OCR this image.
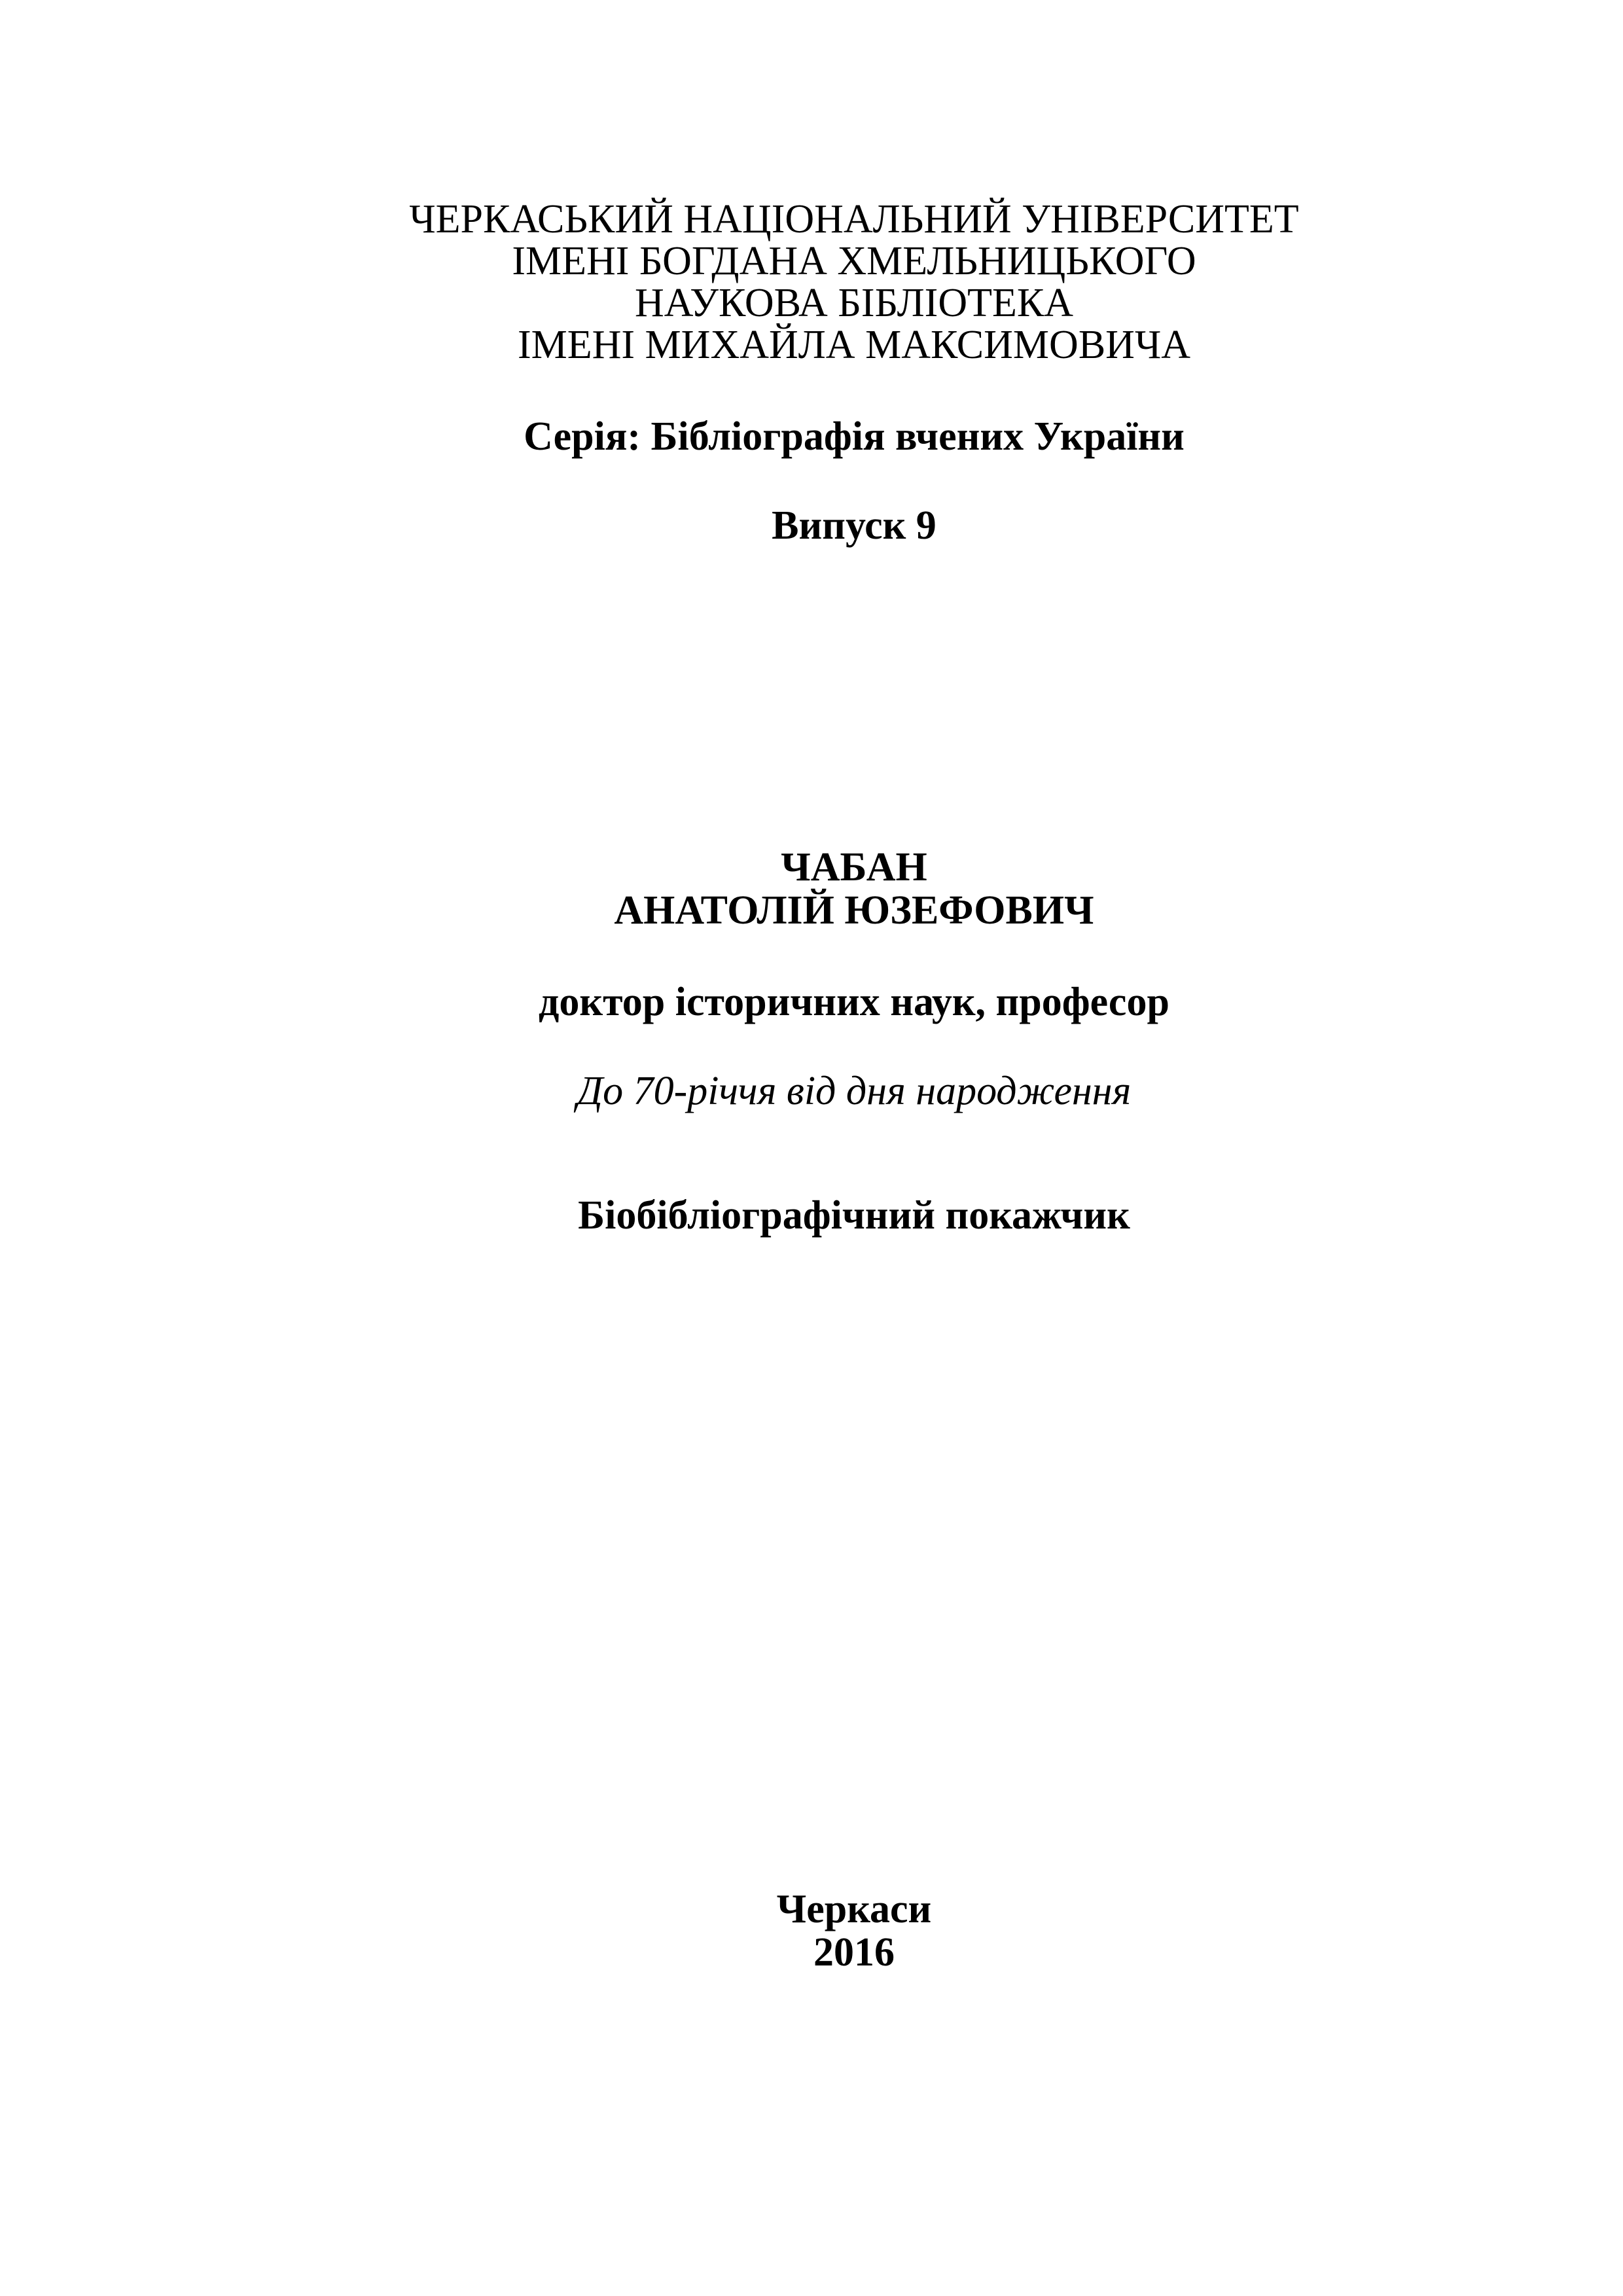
ЧЕРКАСЬКИЙ НАЦІОНАЛЬНИЙ УНІВЕРСИТЕТ
ІМЕНІ БОГДАНА ХМЕЛЬНИЦЬКОГО
НАУКОВА БІБЛІОТЕКА
ІМЕНІ МИХАЙЛА МАКСИМОВИЧА
Серія: Бібліографія вчених України
Випуск 9
ЧАБАН
АНАТОЛІЙ ЮЗЕФОВИЧ
доктор історичних наук, професор
До 70-річчя від дня народження
Біобібліографічний покажчик
Черкаси
2016
